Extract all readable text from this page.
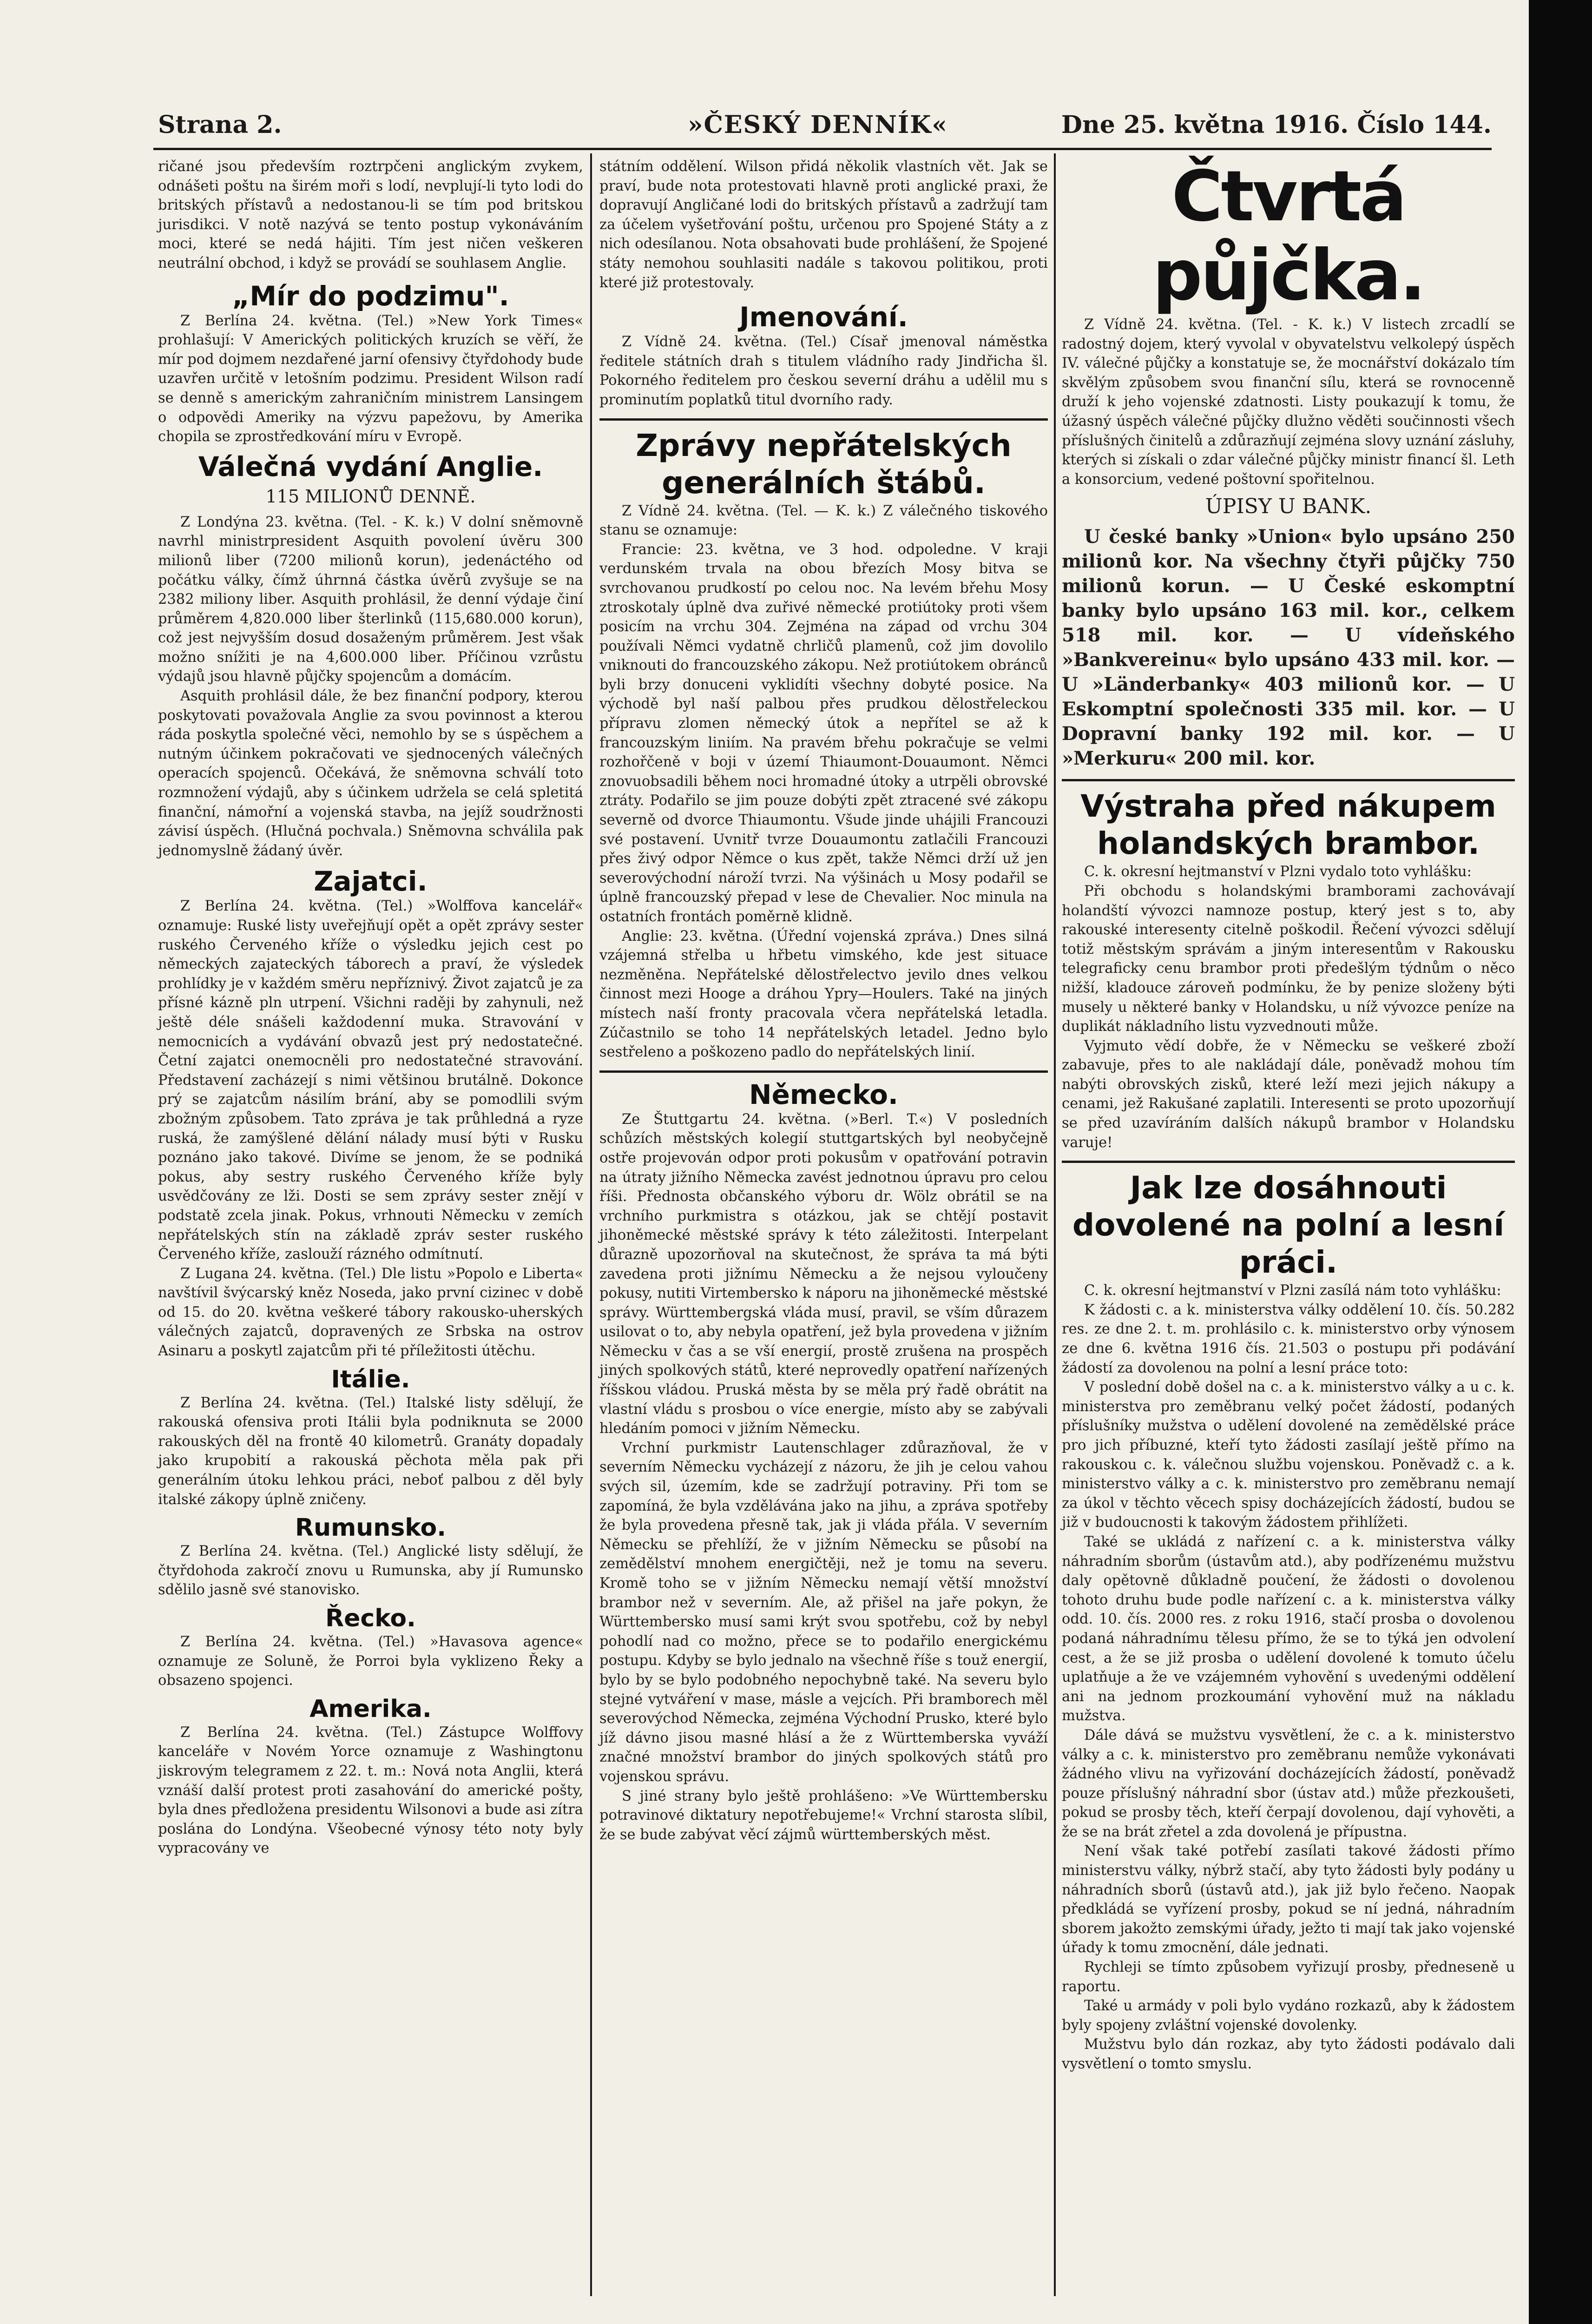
Strana 2.	»ČESKÝ DENNÍK«	Dne 25. května 1916. Číslo 144.

ričané jsou především roztrpčeni anglickým zvykem, odnášeti poštu na širém moři s lodí, nevplují-li tyto lodi do britských přístavů a nedostanou-li se tím pod britskou jurisdikci. V notě nazývá se tento postup vykonáváním moci, které se nedá hájiti. Tím jest ničen veškeren neutrální obchod, i když se provádí se souhlasem Anglie.

„Mír do podzimu".

Z Berlína 24. května. (Tel.) »New York Times« prohlašují: V Amerických politických kruzích se věří, že mír pod dojmem nezdařené jarní ofensivy čtyřdohody bude uzavřen určitě v letošním podzimu. President Wilson radí se denně s americkým zahraničním ministrem Lansingem o odpovědi Ameriky na výzvu papežovu, by Amerika chopila se zprostředkování míru v Evropě.

Válečná vydání Anglie.
115 MILIONŮ DENNĚ.

Z Londýna 23. května. (Tel. - K. k.) V dolní sněmovně navrhl ministrpresident Asquith povolení úvěru 300 milionů liber (7200 milionů korun), jedenáctého od počátku války, čímž úhrnná částka úvěrů zvyšuje se na 2382 miliony liber. Asquith prohlásil, že denní výdaje činí průměrem 4,820.000 liber šterlinků (115,680.000 korun), což jest nejvyšším dosud dosaženým průměrem. Jest však možno snížiti je na 4,600.000 liber. Příčinou vzrůstu výdajů jsou hlavně půjčky spojencům a domácím.

Asquith prohlásil dále, že bez finanční podpory, kterou poskytovati považovala Anglie za svou povinnost a kterou ráda poskytla společné věci, nemohlo by se s úspěchem a nutným účinkem pokračovati ve sjednocených válečných operacích spojenců. Očekává, že sněmovna schválí toto rozmnožení výdajů, aby s účinkem udržela se celá spletitá finanční, námořní a vojenská stavba, na jejíž soudržnosti závisí úspěch. (Hlučná pochvala.) Sněmovna schválila pak jednomyslně žádaný úvěr.

Zajatci.

Z Berlína 24. května. (Tel.) »Wolffova kancelář« oznamuje: Ruské listy uveřejňují opět a opět zprávy sester ruského Červeného kříže o výsledku jejich cest po německých zajateckých táborech a praví, že výsledek prohlídky je v každém směru nepříznivý. Život zajatců je za přísné kázně pln utrpení. Všichni raději by zahynuli, než ještě déle snášeli každodenní muka. Stravování v nemocnicích a vydávání obvazů jest prý nedostatečné. Četní zajatci onemocněli pro nedostatečné stravování. Představení zacházejí s nimi většinou brutálně. Dokonce prý se zajatcům násilím brání, aby se pomodlili svým zbožným způsobem. Tato zpráva je tak průhledná a ryze ruská, že zamýšlené dělání nálady musí býti v Rusku poznáno jako takové. Divíme se jenom, že se podniká pokus, aby sestry ruského Červeného kříže byly usvědčovány ze lži. Dosti se sem zprávy sester znějí v podstatě zcela jinak. Pokus, vrhnouti Německu v zemích nepřátelských stín na základě zpráv sester ruského Červeného kříže, zaslouží rázného odmítnutí.

Z Lugana 24. května. (Tel.) Dle listu »Popolo e Liberta« navštívil švýcarský kněz Noseda, jako první cizinec v době od 15. do 20. května veškeré tábory rakousko-uherských válečných zajatců, dopravených ze Srbska na ostrov Asinaru a poskytl zajatcům při té příležitosti útěchu.

Itálie.

Z Berlína 24. května. (Tel.) Italské listy sdělují, že rakouská ofensiva proti Itálii byla podniknuta se 2000 rakouských děl na frontě 40 kilometrů. Granáty dopadaly jako krupobití a rakouská pěchota měla pak při generálním útoku lehkou práci, neboť palbou z děl byly italské zákopy úplně zničeny.

Rumunsko.

Z Berlína 24. května. (Tel.) Anglické listy sdělují, že čtyřdohoda zakročí znovu u Rumunska, aby jí Rumunsko sdělilo jasně své stanovisko.

Řecko.

Z Berlína 24. května. (Tel.) »Havasova agence« oznamuje ze Soluně, že Porroi byla vyklizeno Řeky a obsazeno spojenci.

Amerika.

Z Berlína 24. května. (Tel.) Zástupce Wolffovy kanceláře v Novém Yorce oznamuje z Washingtonu jiskrovým telegramem z 22. t. m.: Nová nota Anglii, která vznáší další protest proti zasahování do americké pošty, byla dnes předložena presidentu Wilsonovi a bude asi zítra poslána do Londýna. Všeobecné výnosy této noty byly vypracovány ve

státním oddělení. Wilson přidá několik vlastních vět. Jak se praví, bude nota protestovati hlavně proti anglické praxi, že dopravují Angličané lodi do britských přístavů a zadržují tam za účelem vyšetřování poštu, určenou pro Spojené Státy a z nich odesílanou. Nota obsahovati bude prohlášení, že Spojené státy nemohou souhlasiti nadále s takovou politikou, proti které již protestovaly.

Jmenování.

Z Vídně 24. května. (Tel.) Císař jmenoval náměstka ředitele státních drah s titulem vládního rady Jindřicha šl. Pokorného ředitelem pro českou severní dráhu a udělil mu s prominutím poplatků titul dvorního rady.

Zprávy nepřátelských generálních štábů.

Z Vídně 24. května. (Tel. — K. k.) Z válečného tiskového stanu se oznamuje:

Francie: 23. května, ve 3 hod. odpoledne. V kraji verdunském trvala na obou březích Mosy bitva se svrchovanou prudkostí po celou noc. Na levém břehu Mosy ztroskotaly úplně dva zuřivé německé protiútoky proti všem posicím na vrchu 304. Zejména na západ od vrchu 304 používali Němci vydatně chrličů plamenů, což jim dovolilo vniknouti do francouzského zákopu. Než protiútokem obránců byli brzy donuceni vyklidíti všechny dobyté posice. Na východě byl naší palbou přes prudkou dělostřeleckou přípravu zlomen německý útok a nepřítel se až k francouzským liniím. Na pravém břehu pokračuje se velmi rozhořčeně v boji v území Thiaumont-Douaumont. Němci znovuobsadili během noci hromadné útoky a utrpěli obrovské ztráty. Podařilo se jim pouze dobýti zpět ztracené své zákopu severně od dvorce Thiaumontu. Všude jinde uhájili Francouzi své postavení. Uvnitř tvrze Douaumontu zatlačili Francouzi přes živý odpor Němce o kus zpět, takže Němci drží už jen severovýchodní nároží tvrzi. Na výšinách u Mosy podařil se úplně francouzský přepad v lese de Chevalier. Noc minula na ostatních frontách poměrně klidně.

Anglie: 23. května. (Úřední vojenská zpráva.) Dnes silná vzájemná střelba u hřbetu vimského, kde jest situace nezměněna. Nepřátelské dělostřelectvo jevilo dnes velkou činnost mezi Hooge a dráhou Ypry—Houlers. Také na jiných místech naší fronty pracovala včera nepřátelská letadla. Zúčastnilo se toho 14 nepřátelských letadel. Jedno bylo sestřeleno a poškozeno padlo do nepřátelských linií.

Německo.

Ze Štuttgartu 24. května. (»Berl. T.«) V posledních schůzích městských kolegií stuttgartských byl neobyčejně ostře projevován odpor proti pokusům v opatřování potravin na útraty jižního Německa zavést jednotnou úpravu pro celou říši. Přednosta občanského výboru dr. Wölz obrátil se na vrchního purkmistra s otázkou, jak se chtějí postavit jihoněmecké městské správy k této záležitosti. Interpelant důrazně upozorňoval na skutečnost, že správa ta má býti zavedena proti jižnímu Německu a že nejsou vyloučeny pokusy, nutiti Virtembersko k náporu na jihoněmecké městské správy. Württembergská vláda musí, pravil, se vším důrazem usilovat o to, aby nebyla opatření, jež byla provedena v jižním Německu v čas a se vší energií, prostě zrušena na prospěch jiných spolkových států, které neprovedly opatření nařízených říšskou vládou. Pruská města by se měla prý řadě obrátit na vlastní vládu s prosbou o více energie, místo aby se zabývali hledáním pomoci v jižním Německu.

Vrchní purkmistr Lautenschlager zdůrazňoval, že v severním Německu vycházejí z názoru, že jih je celou vahou svých sil, územím, kde se zadržují potraviny. Při tom se zapomíná, že byla vzdělávána jako na jihu, a zpráva spotřeby že byla provedena přesně tak, jak ji vláda přála. V severním Německu se přehlíží, že v jižním Německu se působí na zemědělství mnohem energičtěji, než je tomu na severu. Kromě toho se v jižním Německu nemají větší množství brambor než v severním. Ale, až přišel na jaře pokyn, že Württembersko musí sami krýt svou spotřebu, což by nebyl pohodlí nad co možno, přece se to podařilo energickému postupu. Kdyby se bylo jednalo na všechně říše s touž energií, bylo by se bylo podobného nepochybně také. Na severu bylo stejné vytváření v mase, másle a vejcích. Při bramborech měl severovýchod Německa, zejména Východní Prusko, které bylo jíž dávno jisou masné hlásí a že z Württemberska vyváží značné množství brambor do jiných spolkových států pro vojenskou správu.

S jiné strany bylo ještě prohlášeno: »Ve Württembersku potravinové diktatury nepotřebujeme!« Vrchní starosta slíbil, že se bude zabývat věcí zájmů württemberských měst.

Čtvrtá půjčka.

Z Vídně 24. května. (Tel. - K. k.) V listech zrcadlí se radostný dojem, který vyvolal v obyvatelstvu velkolepý úspěch IV. válečné půjčky a konstatuje se, že mocnářství dokázalo tím skvělým způsobem svou finanční sílu, která se rovnocenně druží k jeho vojenské zdatnosti. Listy poukazují k tomu, že úžasný úspěch válečné půjčky dlužno věděti součinnosti všech příslušných činitelů a zdůrazňují zejména slovy uznání zásluhy, kterých si získali o zdar válečné půjčky ministr financí šl. Leth a konsorcium, vedené poštovní spořitelnou.

ÚPISY U BANK.

U české banky »Union« bylo upsáno 250 milionů kor. Na všechny čtyři půjčky 750 milionů korun. — U České eskomptní banky bylo upsáno 163 mil. kor., celkem 518 mil. kor. — U vídeňského »Bankvereinu« bylo upsáno 433 mil. kor. — U »Länderbanky« 403 milionů kor. — U Eskomptní společnosti 335 mil. kor. — U Dopravní banky 192 mil. kor. — U »Merkuru« 200 mil. kor.

Výstraha před nákupem holandských brambor.

C. k. okresní hejtmanství v Plzni vydalo toto vyhlášku:

Při obchodu s holandskými bramborami zachovávají holandští vývozci namnoze postup, který jest s to, aby rakouské interesenty citelně poškodil. Řečení vývozci sdělují totiž městským správám a jiným interesentům v Rakousku telegraficky cenu brambor proti předešlým týdnům o něco nižší, kladouce zároveň podmínku, že by penize složeny býti musely u některé banky v Holandsku, u níž vývozce peníze na duplikát nákladního listu vyzvednouti může.

Vyjmuto vědí dobře, že v Německu se veškeré zboží zabavuje, přes to ale nakládají dále, poněvadž mohou tím nabýti obrovských zisků, které leží mezi jejich nákupy a cenami, jež Rakušané zaplatili. Interesenti se proto upozorňují se před uzavíráním dalších nákupů brambor v Holandsku varuje!

Jak lze dosáhnouti dovolené na polní a lesní práci.

C. k. okresní hejtmanství v Plzni zasílá nám toto vyhlášku:

K žádosti c. a k. ministerstva války oddělení 10. čís. 50.282 res. ze dne 2. t. m. prohlásilo c. k. ministerstvo orby výnosem ze dne 6. května 1916 čís. 21.503 o postupu při podávání žádostí za dovolenou na polní a lesní práce toto:

V poslední době došel na c. a k. ministerstvo války a u c. k. ministerstva pro zeměbranu velký počet žádostí, podaných příslušníky mužstva o udělení dovolené na zemědělské práce pro jich příbuzné, kteří tyto žádosti zasílají ještě přímo na rakouskou c. k. válečnou službu vojenskou. Poněvadž c. a k. ministerstvo války a c. k. ministerstvo pro zeměbranu nemají za úkol v těchto věcech spisy docházejících žádostí, budou se již v budoucnosti k takovým žádostem přihlížeti.

Také se ukládá z nařízení c. a k. ministerstva války náhradním sborům (ústavům atd.), aby podřízenému mužstvu daly opětovně důkladně poučení, že žádosti o dovolenou tohoto druhu bude podle nařízení c. a k. ministerstva války odd. 10. čís. 2000 res. z roku 1916, stačí prosba o dovolenou podaná náhradnímu tělesu přímo, že se to týká jen odvolení cest, a že se již prosba o udělení dovolené k tomuto účelu uplatňuje a že ve vzájemném vyhovění s uvedenými oddělení ani na jednom prozkoumání vyhovění muž na nákladu mužstva.

Dále dává se mužstvu vysvětlení, že c. a k. ministerstvo války a c. k. ministerstvo pro zeměbranu nemůže vykonávati žádného vlivu na vyřizování docházejících žádostí, poněvadž pouze příslušný náhradní sbor (ústav atd.) může přezkoušeti, pokud se prosby těch, kteří čerpají dovolenou, dají vyhověti, a že se na brát zřetel a zda dovolená je přípustna.

Není však také potřebí zasílati takové žádosti přímo ministerstvu války, nýbrž stačí, aby tyto žádosti byly podány u náhradních sborů (ústavů atd.), jak již bylo řečeno. Naopak předkládá se vyřízení prosby, pokud se ní jedná, náhradním sborem jakožto zemskými úřady, ježto ti mají tak jako vojenské úřady k tomu zmocnění, dále jednati.

Rychleji se tímto způsobem vyřizují prosby, předneseně u raportu.

Také u armády v poli bylo vydáno rozkazů, aby k žádostem byly spojeny zvláštní vojenské dovolenky.

Mužstvu bylo dán rozkaz, aby tyto žádosti podávalo dali vysvětlení o tomto smyslu.
